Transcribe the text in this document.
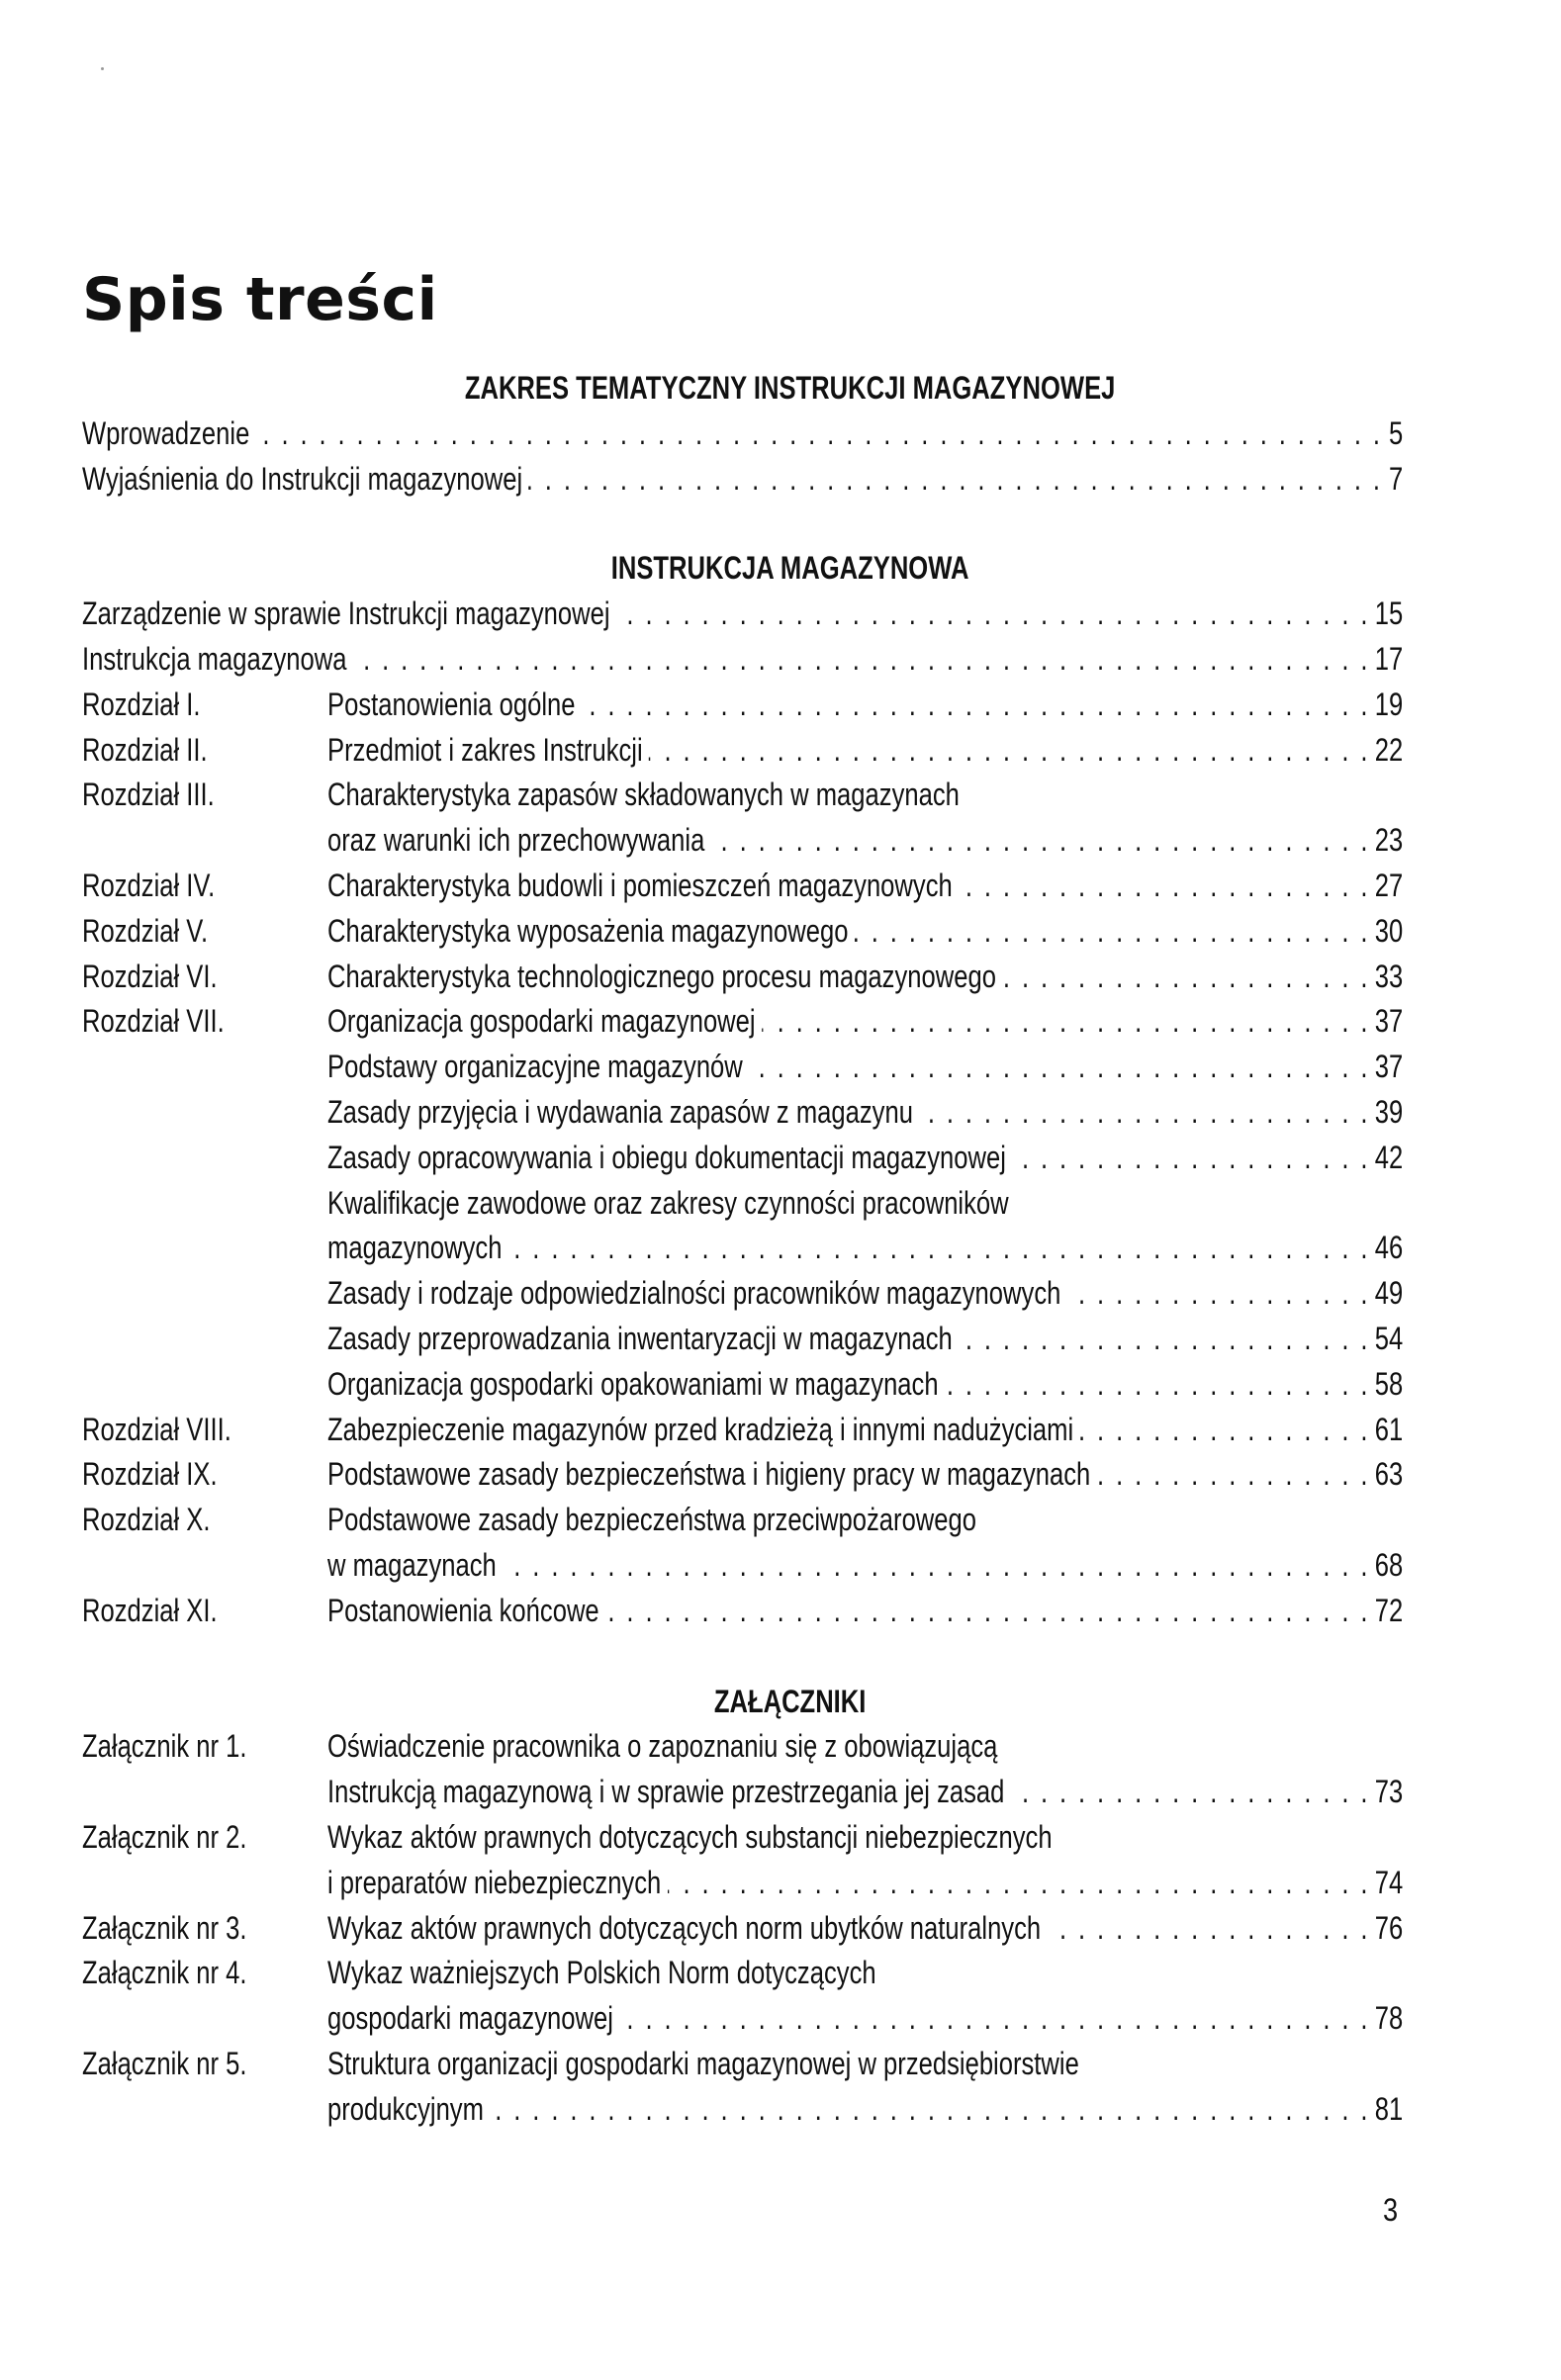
Spis treści
ZAKRES TEMATYCZNY INSTRUKCJI MAGAZYNOWEJ
Wprowadzenie . . .	5
Wyjaśnienia do Instrukcji magazynowej . . .	7
INSTRUKCJA MAGAZYNOWA
Zarządzenie w sprawie Instrukcji magazynowej . . .	15
Instrukcja magazynowa . . .	17
Rozdział I.	Postanowienia ogólne . . .	19
Rozdział II.	Przedmiot i zakres Instrukcji . . .	22
Rozdział III.	Charakterystyka zapasów składowanych w magazynach
oraz warunki ich przechowywania . . .	23
Rozdział IV.	Charakterystyka budowli i pomieszczeń magazynowych . . .	27
Rozdział V.	Charakterystyka wyposażenia magazynowego . . .	30
Rozdział VI.	Charakterystyka technologicznego procesu magazynowego . . .	33
Rozdział VII.	Organizacja gospodarki magazynowej . . .	37
Podstawy organizacyjne magazynów . . .	37
Zasady przyjęcia i wydawania zapasów z magazynu . . .	39
Zasady opracowywania i obiegu dokumentacji magazynowej . . .	42
Kwalifikacje zawodowe oraz zakresy czynności pracowników
magazynowych . . .	46
Zasady i rodzaje odpowiedzialności pracowników magazynowych . . .	49
Zasady przeprowadzania inwentaryzacji w magazynach . . .	54
Organizacja gospodarki opakowaniami w magazynach . . .	58
Rozdział VIII.	Zabezpieczenie magazynów przed kradzieżą i innymi nadużyciami . . .	61
Rozdział IX.	Podstawowe zasady bezpieczeństwa i higieny pracy w magazynach . . .	63
Rozdział X.	Podstawowe zasady bezpieczeństwa przeciwpożarowego
w magazynach . . .	68
Rozdział XI.	Postanowienia końcowe . . .	72
ZAŁĄCZNIKI
Załącznik nr 1.	Oświadczenie pracownika o zapoznaniu się z obowiązującą
Instrukcją magazynową i w sprawie przestrzegania jej zasad . . .	73
Załącznik nr 2.	Wykaz aktów prawnych dotyczących substancji niebezpiecznych
i preparatów niebezpiecznych . . .	74
Załącznik nr 3.	Wykaz aktów prawnych dotyczących norm ubytków naturalnych . . .	76
Załącznik nr 4.	Wykaz ważniejszych Polskich Norm dotyczących
gospodarki magazynowej . . .	78
Załącznik nr 5.	Struktura organizacji gospodarki magazynowej w przedsiębiorstwie
produkcyjnym . . .	81
3
